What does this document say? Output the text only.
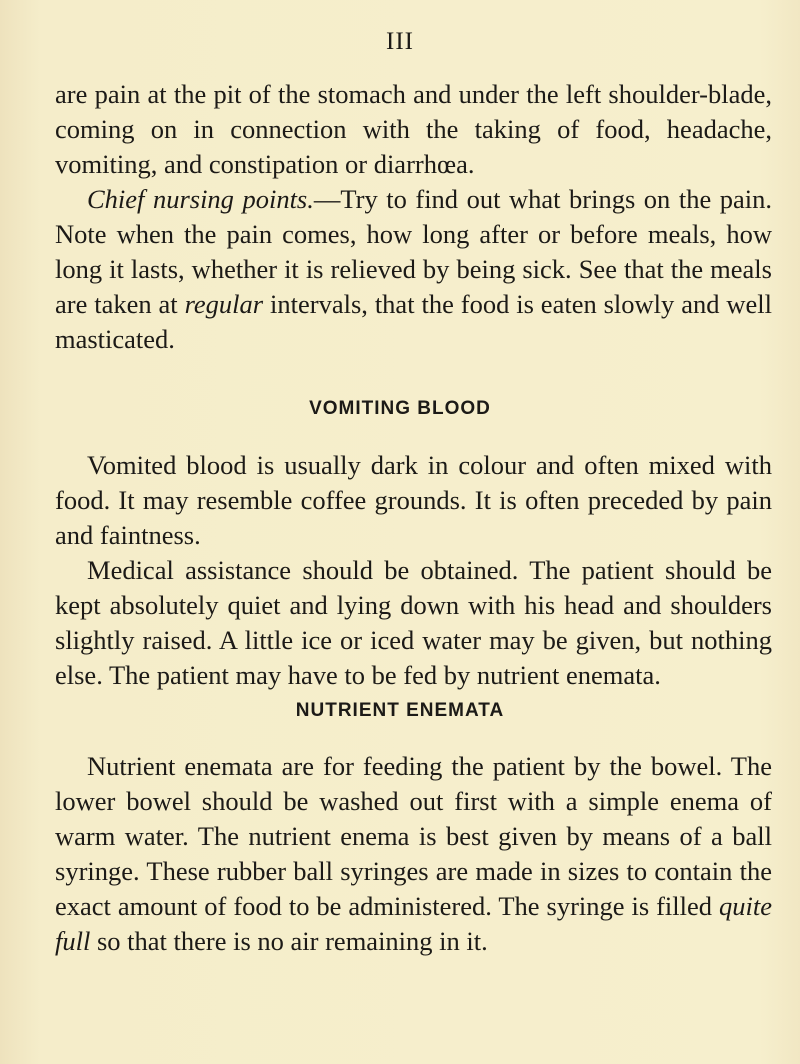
III

are pain at the pit of the stomach and under the left shoulder-blade, coming on in connection with the taking of food, headache, vomiting, and constipation or diarrhœa.

Chief nursing points.—Try to find out what brings on the pain. Note when the pain comes, how long after or before meals, how long it lasts, whether it is relieved by being sick. See that the meals are taken at regular intervals, that the food is eaten slowly and well masticated.

VOMITING BLOOD

Vomited blood is usually dark in colour and often mixed with food. It may resemble coffee grounds. It is often preceded by pain and faintness.

Medical assistance should be obtained. The patient should be kept absolutely quiet and lying down with his head and shoulders slightly raised. A little ice or iced water may be given, but nothing else. The patient may have to be fed by nutrient enemata.

NUTRIENT ENEMATA

Nutrient enemata are for feeding the patient by the bowel. The lower bowel should be washed out first with a simple enema of warm water. The nutrient enema is best given by means of a ball syringe. These rubber ball syringes are made in sizes to contain the exact amount of food to be administered. The syringe is filled quite full so that there is no air remaining in it.
